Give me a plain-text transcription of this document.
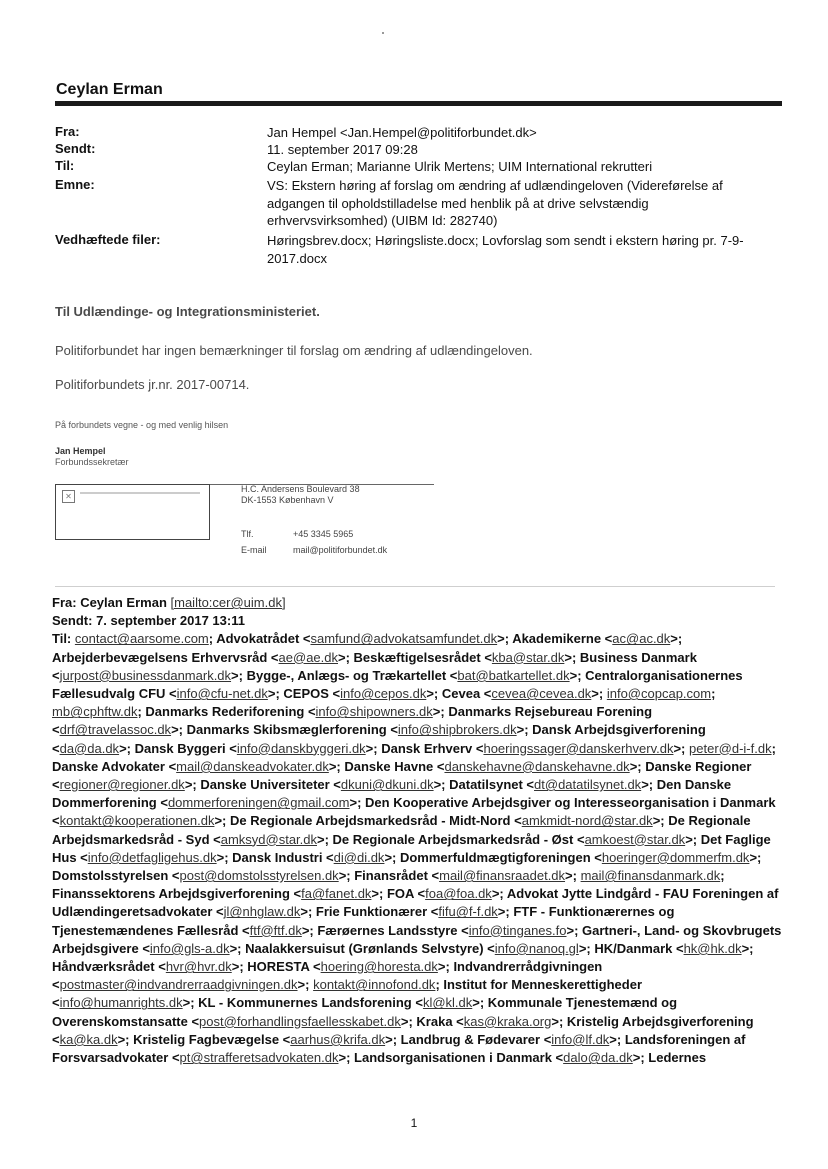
Ceylan Erman
Fra:	Jan Hempel <Jan.Hempel@politiforbundet.dk>
Sendt:	11. september 2017 09:28
Til:	Ceylan Erman; Marianne Ulrik Mertens; UIM International rekrutteri
Emne:	VS: Ekstern høring af forslag om ændring af udlændingeloven (Videreførelse af adgangen til opholdstilladelse med henblik på at drive selvstændig erhvervsvirksomhed) (UIBM Id: 282740)
Vedhæftede filer:	Høringsbrev.docx; Høringsliste.docx; Lovforslag som sendt i ekstern høring pr. 7-9-2017.docx
Til Udlændinge- og Integrationsministeriet.
Politiforbundet har ingen bemærkninger til forslag om ændring af udlændingeloven.
Politiforbundets jr.nr. 2017-00714.
På forbundets vegne - og med venlig hilsen
Jan Hempel
Forbundssekretær
✕
H.C. Andersens Boulevard 38
DK-1553 København V
Tlf.	+45 3345 5965
E-mail	mail@politiforbundet.dk
Fra: Ceylan Erman [mailto:cer@uim.dk]
Sendt: 7. september 2017 13:11
Til: contact@aarsome.com; Advokatrådet <samfund@advokatsamfundet.dk>; Akademikerne <ac@ac.dk>; Arbejderbevægelsens Erhvervsråd <ae@ae.dk>; Beskæftigelsesrådet <kba@star.dk>; Business Danmark <jurpost@businessdanmark.dk>; Bygge-, Anlægs- og Trækartellet <bat@batkartellet.dk>; Centralorganisationernes Fællesudvalg CFU <info@cfu-net.dk>; CEPOS <info@cepos.dk>; Cevea <cevea@cevea.dk>; info@copcap.com; mb@cphftw.dk; Danmarks Rederiforening <info@shipowners.dk>; Danmarks Rejsebureau Forening <drf@travelassoc.dk>; Danmarks Skibsmæglerforening <info@shipbrokers.dk>; Dansk Arbejdsgiverforening <da@da.dk>; Dansk Byggeri <info@danskbyggeri.dk>; Dansk Erhverv <hoeringssager@danskerhverv.dk>; peter@d-i-f.dk; Danske Advokater <mail@danskeadvokater.dk>; Danske Havne <danskehavne@danskehavne.dk>; Danske Regioner <regioner@regioner.dk>; Danske Universiteter <dkuni@dkuni.dk>; Datatilsynet <dt@datatilsynet.dk>; Den Danske Dommerforening <dommerforeningen@gmail.com>; Den Kooperative Arbejdsgiver og Interesseorganisation i Danmark <kontakt@kooperationen.dk>; De Regionale Arbejdsmarkedsråd - Midt-Nord <amkmidt-nord@star.dk>; De Regionale Arbejdsmarkedsråd - Syd <amksyd@star.dk>; De Regionale Arbejdsmarkedsråd - Øst <amkoest@star.dk>; Det Faglige Hus <info@detfagligehus.dk>; Dansk Industri <di@di.dk>; Dommerfuldmægtigforeningen <hoeringer@dommerfm.dk>; Domstolsstyrelsen <post@domstolsstyrelsen.dk>; Finansrådet <mail@finansraadet.dk>; mail@finansdanmark.dk; Finanssektorens Arbejdsgiverforening <fa@fanet.dk>; FOA <foa@foa.dk>; Advokat Jytte Lindgård - FAU Foreningen af Udlændingeretsadvokater <jl@nhglaw.dk>; Frie Funktionærer <fifu@f-f.dk>; FTF - Funktionærernes og Tjenestemændenes Fællesråd <ftf@ftf.dk>; Færøernes Landsstyre <info@tinganes.fo>; Gartneri-, Land- og Skovbrugets Arbejdsgivere <info@gls-a.dk>; Naalakkersuisut (Grønlands Selvstyre) <info@nanoq.gl>; HK/Danmark <hk@hk.dk>; Håndværksrådet <hvr@hvr.dk>; HORESTA <hoering@horesta.dk>; Indvandrerrådgivningen <postmaster@indvandrerraadgivningen.dk>; kontakt@innofond.dk; Institut for Menneskerettigheder <info@humanrights.dk>; KL - Kommunernes Landsforening <kl@kl.dk>; Kommunale Tjenestemænd og Overenskomstansatte <post@forhandlingsfaellesskabet.dk>; Kraka <kas@kraka.org>; Kristelig Arbejdsgiverforening <ka@ka.dk>; Kristelig Fagbevægelse <aarhus@krifa.dk>; Landbrug & Fødevarer <info@lf.dk>; Landsforeningen af Forsvarsadvokater <pt@strafferetsadvokaten.dk>; Landsorganisationen i Danmark <dalo@da.dk>; Ledernes
1
